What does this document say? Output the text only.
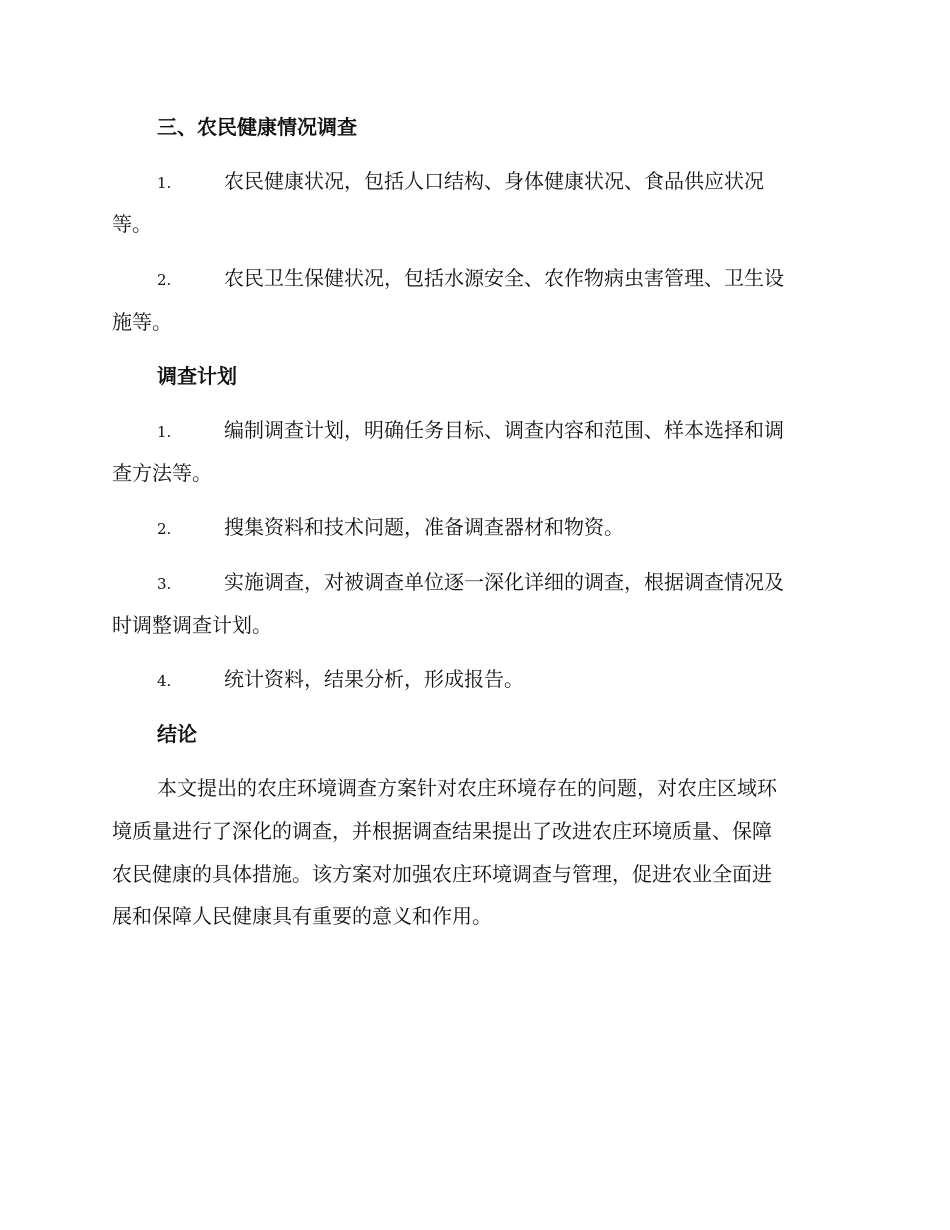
三、农民健康情况调查
1.	农民健康状况，包括人口结构、身体健康状况、食品供应状况
等。
2.	农民卫生保健状况，包括水源安全、农作物病虫害管理、卫生设
施等。
调查计划
1.	编制调查计划，明确任务目标、调查内容和范围、样本选择和调
查方法等。
2.	搜集资料和技术问题，准备调查器材和物资。
3.	实施调查，对被调查单位逐一深化详细的调查，根据调查情况及
时调整调查计划。
4.	统计资料，结果分析，形成报告。
结论
本文提出的农庄环境调查方案针对农庄环境存在的问题，对农庄区域环
境质量进行了深化的调查，并根据调查结果提出了改进农庄环境质量、保障
农民健康的具体措施。该方案对加强农庄环境调查与管理，促进农业全面进
展和保障人民健康具有重要的意义和作用。
